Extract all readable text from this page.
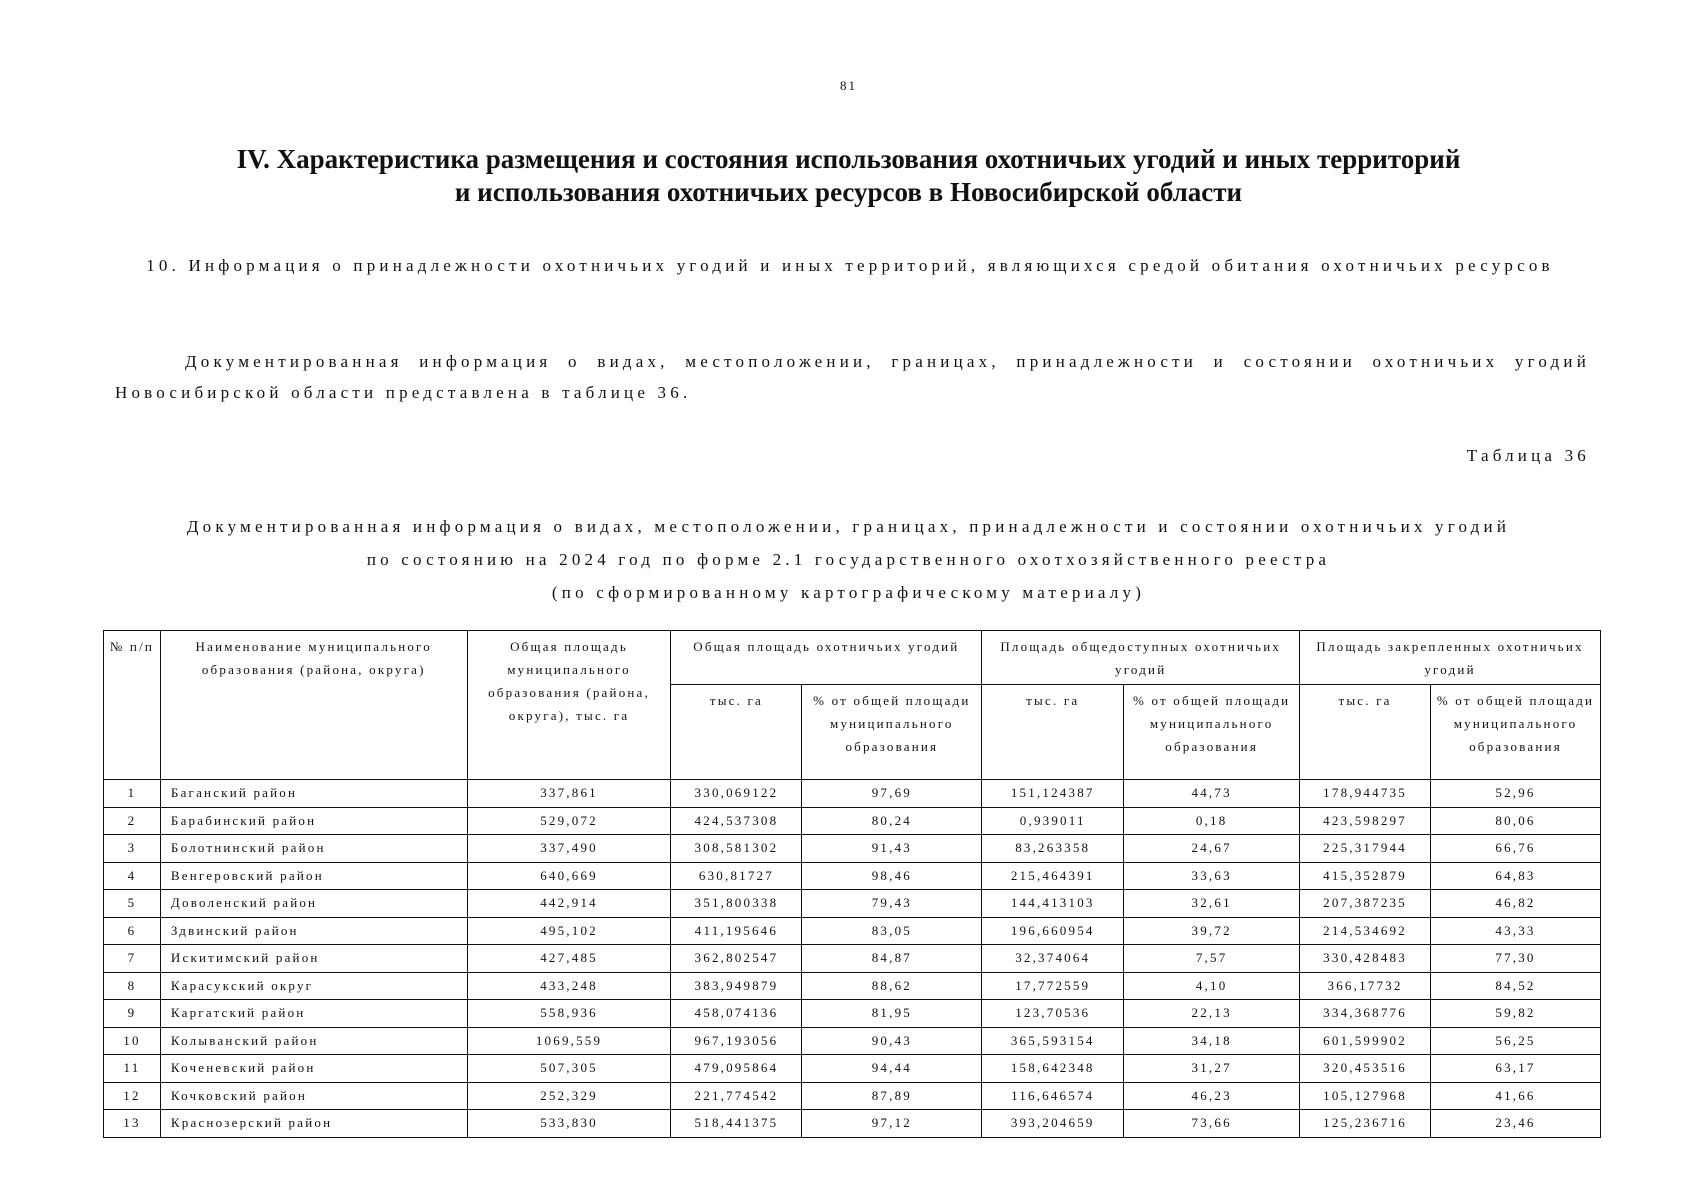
81
IV. Характеристика размещения и состояния использования охотничьих угодий и иных территорий
и использования охотничьих ресурсов в Новосибирской области
10. Информация о принадлежности охотничьих угодий и иных территорий, являющихся средой обитания охотничьих ресурсов
Документированная информация о видах, местоположении, границах, принадлежности и состоянии охотничьих угодий Новосибирской области представлена в таблице 36.
Таблица 36
Документированная информация о видах, местоположении, границах, принадлежности и состоянии охотничьих угодий
по состоянию на 2024 год по форме 2.1 государственного охотхозяйственного реестра
(по сформированному картографическому материалу)
№ п/п	Наименование муниципального образования (района, округа)	Общая площадь муниципального образования (района, округа), тыс. га	Общая площадь охотничьих угодий		Площадь общедоступных охотничьих угодий		Площадь закрепленных охотничьих угодий	
			тыс. га	% от общей площади муниципального образования	тыс. га	% от общей площади муниципального образования	тыс. га	% от общей площади муниципального образования
1	Баганский район	337,861	330,069122	97,69	151,124387	44,73	178,944735	52,96
2	Барабинский район	529,072	424,537308	80,24	0,939011	0,18	423,598297	80,06
3	Болотнинский район	337,490	308,581302	91,43	83,263358	24,67	225,317944	66,76
4	Венгеровский район	640,669	630,81727	98,46	215,464391	33,63	415,352879	64,83
5	Доволенский район	442,914	351,800338	79,43	144,413103	32,61	207,387235	46,82
6	Здвинский район	495,102	411,195646	83,05	196,660954	39,72	214,534692	43,33
7	Искитимский район	427,485	362,802547	84,87	32,374064	7,57	330,428483	77,30
8	Карасукский округ	433,248	383,949879	88,62	17,772559	4,10	366,17732	84,52
9	Каргатский район	558,936	458,074136	81,95	123,70536	22,13	334,368776	59,82
10	Колыванский район	1069,559	967,193056	90,43	365,593154	34,18	601,599902	56,25
11	Коченевский район	507,305	479,095864	94,44	158,642348	31,27	320,453516	63,17
12	Кочковский район	252,329	221,774542	87,89	116,646574	46,23	105,127968	41,66
13	Краснозерский район	533,830	518,441375	97,12	393,204659	73,66	125,236716	23,46
